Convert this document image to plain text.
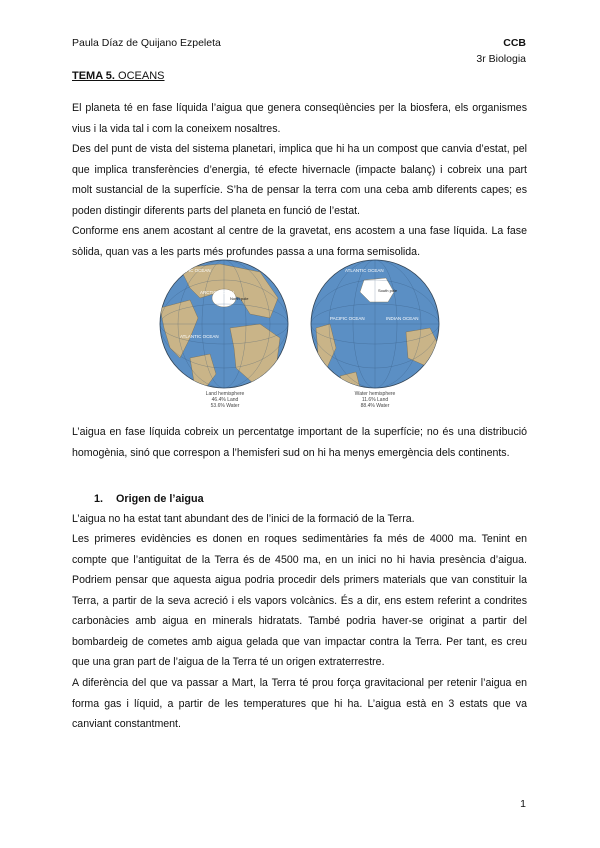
Paula Díaz de Quijano Ezpeleta	CCB
3r Biologia
TEMA 5. OCEANS
El planeta té en fase líquida l’aigua que genera conseqüències per la biosfera, els organismes vius i la vida tal i com la coneixem nosaltres.
Des del punt de vista del sistema planetari, implica que hi ha un compost que canvia d’estat, pel que implica transferències d’energia, té efecte hivernacle (impacte balanç) i cobreix una part molt sustancial de la superfície. S’ha de pensar la terra com una ceba amb diferents capes; es poden distingir diferents parts del planeta en funció de l’estat.
Conforme ens anem acostant al centre de la gravetat, ens acostem a una fase líquida. La fase sòlida, quan vas a les parts més profundes passa a una forma semisolida.
PACIFIC OCEAN
ARCTIC OCEAN
ATLANTIC OCEAN
North pole
ATLANTIC OCEAN
PACIFIC OCEAN	INDIAN OCEAN
South pole
Land hemisphere
46.4% Land
53.6% Water
Water hemisphere
11.6% Land
88.4% Water
L’aigua en fase líquida cobreix un percentatge important de la superfície; no és una distribució homogènia, sinó que correspon a l’hemisferi sud on hi ha menys emergència dels continents.
1. Origen de l’aigua
L’aigua no ha estat tant abundant des de l’inici de la formació de la Terra.
Les primeres evidències es donen en roques sedimentàries fa més de 4000 ma. Tenint en compte que l’antiguitat de la Terra és de 4500 ma, en un inici no hi havia presència d’aigua. Podriem pensar que aquesta aigua podria procedir dels primers materials que van constituir la Terra, a partir de la seva acreció i els vapors volcànics. És a dir, ens estem referint a condrites carbonàcies amb aigua en minerals hidratats. També podria haver-se originat a partir del bombardeig de cometes amb aigua gelada que van impactar contra la Terra. Per tant, es creu que una gran part de l’aigua de la Terra té un origen extraterrestre.
A diferència del que va passar a Mart, la Terra té prou força gravitacional per retenir l’aigua en forma gas i líquid, a partir de les temperatures que hi ha. L’aigua està en 3 estats que va canviant constantment.
1
